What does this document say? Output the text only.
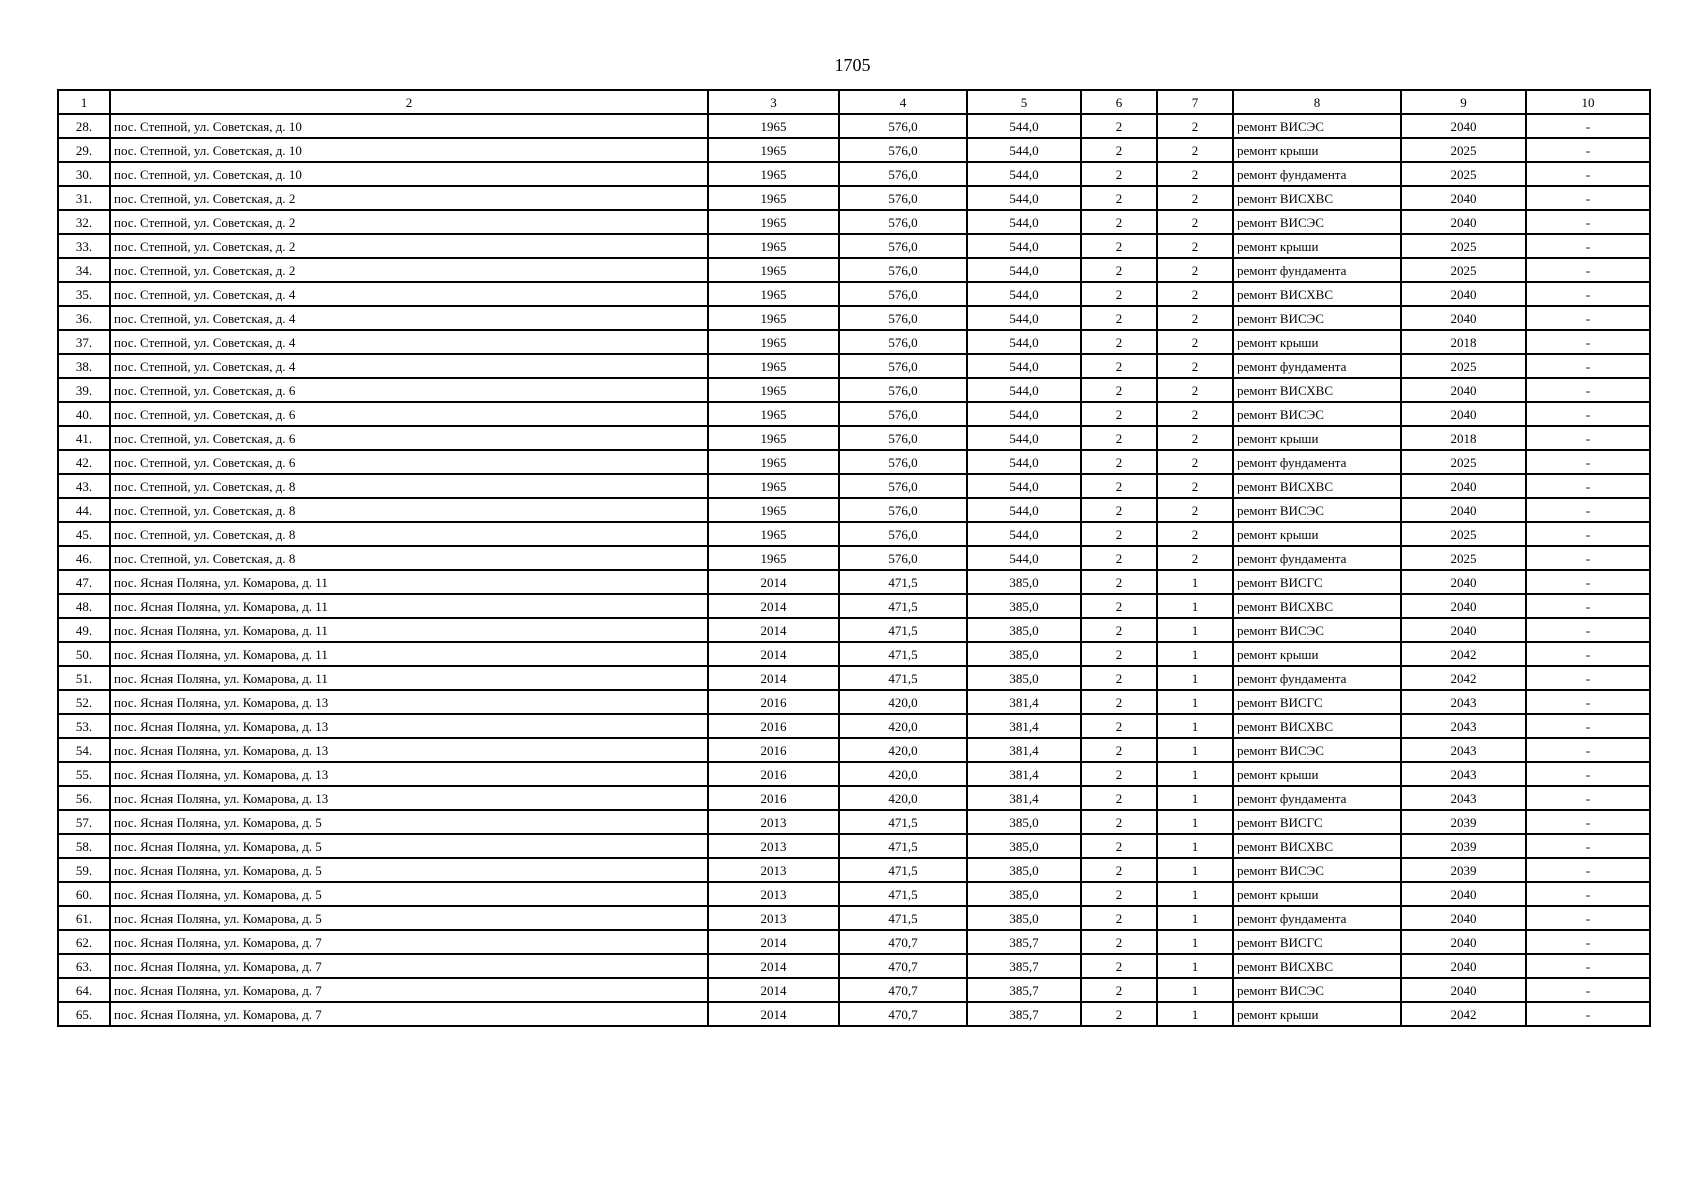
1705
1	2	3	4	5	6	7	8	9	10
28.	пос. Степной, ул. Советская, д. 10	1965	576,0	544,0	2	2	ремонт ВИСЭС	2040	-
29.	пос. Степной, ул. Советская, д. 10	1965	576,0	544,0	2	2	ремонт крыши	2025	-
30.	пос. Степной, ул. Советская, д. 10	1965	576,0	544,0	2	2	ремонт фундамента	2025	-
31.	пос. Степной, ул. Советская, д. 2	1965	576,0	544,0	2	2	ремонт ВИСХВС	2040	-
32.	пос. Степной, ул. Советская, д. 2	1965	576,0	544,0	2	2	ремонт ВИСЭС	2040	-
33.	пос. Степной, ул. Советская, д. 2	1965	576,0	544,0	2	2	ремонт крыши	2025	-
34.	пос. Степной, ул. Советская, д. 2	1965	576,0	544,0	2	2	ремонт фундамента	2025	-
35.	пос. Степной, ул. Советская, д. 4	1965	576,0	544,0	2	2	ремонт ВИСХВС	2040	-
36.	пос. Степной, ул. Советская, д. 4	1965	576,0	544,0	2	2	ремонт ВИСЭС	2040	-
37.	пос. Степной, ул. Советская, д. 4	1965	576,0	544,0	2	2	ремонт крыши	2018	-
38.	пос. Степной, ул. Советская, д. 4	1965	576,0	544,0	2	2	ремонт фундамента	2025	-
39.	пос. Степной, ул. Советская, д. 6	1965	576,0	544,0	2	2	ремонт ВИСХВС	2040	-
40.	пос. Степной, ул. Советская, д. 6	1965	576,0	544,0	2	2	ремонт ВИСЭС	2040	-
41.	пос. Степной, ул. Советская, д. 6	1965	576,0	544,0	2	2	ремонт крыши	2018	-
42.	пос. Степной, ул. Советская, д. 6	1965	576,0	544,0	2	2	ремонт фундамента	2025	-
43.	пос. Степной, ул. Советская, д. 8	1965	576,0	544,0	2	2	ремонт ВИСХВС	2040	-
44.	пос. Степной, ул. Советская, д. 8	1965	576,0	544,0	2	2	ремонт ВИСЭС	2040	-
45.	пос. Степной, ул. Советская, д. 8	1965	576,0	544,0	2	2	ремонт крыши	2025	-
46.	пос. Степной, ул. Советская, д. 8	1965	576,0	544,0	2	2	ремонт фундамента	2025	-
47.	пос. Ясная Поляна, ул. Комарова, д. 11	2014	471,5	385,0	2	1	ремонт ВИСГС	2040	-
48.	пос. Ясная Поляна, ул. Комарова, д. 11	2014	471,5	385,0	2	1	ремонт ВИСХВС	2040	-
49.	пос. Ясная Поляна, ул. Комарова, д. 11	2014	471,5	385,0	2	1	ремонт ВИСЭС	2040	-
50.	пос. Ясная Поляна, ул. Комарова, д. 11	2014	471,5	385,0	2	1	ремонт крыши	2042	-
51.	пос. Ясная Поляна, ул. Комарова, д. 11	2014	471,5	385,0	2	1	ремонт фундамента	2042	-
52.	пос. Ясная Поляна, ул. Комарова, д. 13	2016	420,0	381,4	2	1	ремонт ВИСГС	2043	-
53.	пос. Ясная Поляна, ул. Комарова, д. 13	2016	420,0	381,4	2	1	ремонт ВИСХВС	2043	-
54.	пос. Ясная Поляна, ул. Комарова, д. 13	2016	420,0	381,4	2	1	ремонт ВИСЭС	2043	-
55.	пос. Ясная Поляна, ул. Комарова, д. 13	2016	420,0	381,4	2	1	ремонт крыши	2043	-
56.	пос. Ясная Поляна, ул. Комарова, д. 13	2016	420,0	381,4	2	1	ремонт фундамента	2043	-
57.	пос. Ясная Поляна, ул. Комарова, д. 5	2013	471,5	385,0	2	1	ремонт ВИСГС	2039	-
58.	пос. Ясная Поляна, ул. Комарова, д. 5	2013	471,5	385,0	2	1	ремонт ВИСХВС	2039	-
59.	пос. Ясная Поляна, ул. Комарова, д. 5	2013	471,5	385,0	2	1	ремонт ВИСЭС	2039	-
60.	пос. Ясная Поляна, ул. Комарова, д. 5	2013	471,5	385,0	2	1	ремонт крыши	2040	-
61.	пос. Ясная Поляна, ул. Комарова, д. 5	2013	471,5	385,0	2	1	ремонт фундамента	2040	-
62.	пос. Ясная Поляна, ул. Комарова, д. 7	2014	470,7	385,7	2	1	ремонт ВИСГС	2040	-
63.	пос. Ясная Поляна, ул. Комарова, д. 7	2014	470,7	385,7	2	1	ремонт ВИСХВС	2040	-
64.	пос. Ясная Поляна, ул. Комарова, д. 7	2014	470,7	385,7	2	1	ремонт ВИСЭС	2040	-
65.	пос. Ясная Поляна, ул. Комарова, д. 7	2014	470,7	385,7	2	1	ремонт крыши	2042	-
